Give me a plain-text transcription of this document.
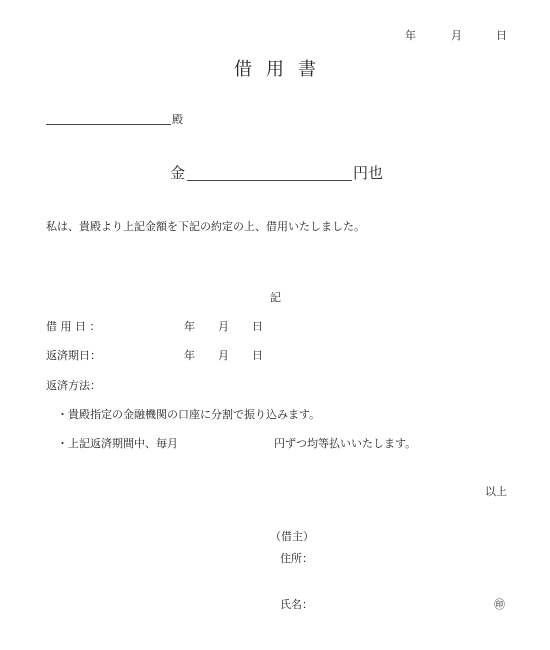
年	月	日
借用書
殿
金	円也
私は、貴殿より上記金額を下記の約定の上、借用いたしました。
記
借 用 日 ：	年 月 日
返済期日：	年 月 日
返済方法：
・貴殿指定の金融機関の口座に分割で振り込みます。
・上記返済期間中、毎月	円ずつ均等払いいたします。
以上
（借主）
住所：
氏名：	㊞
